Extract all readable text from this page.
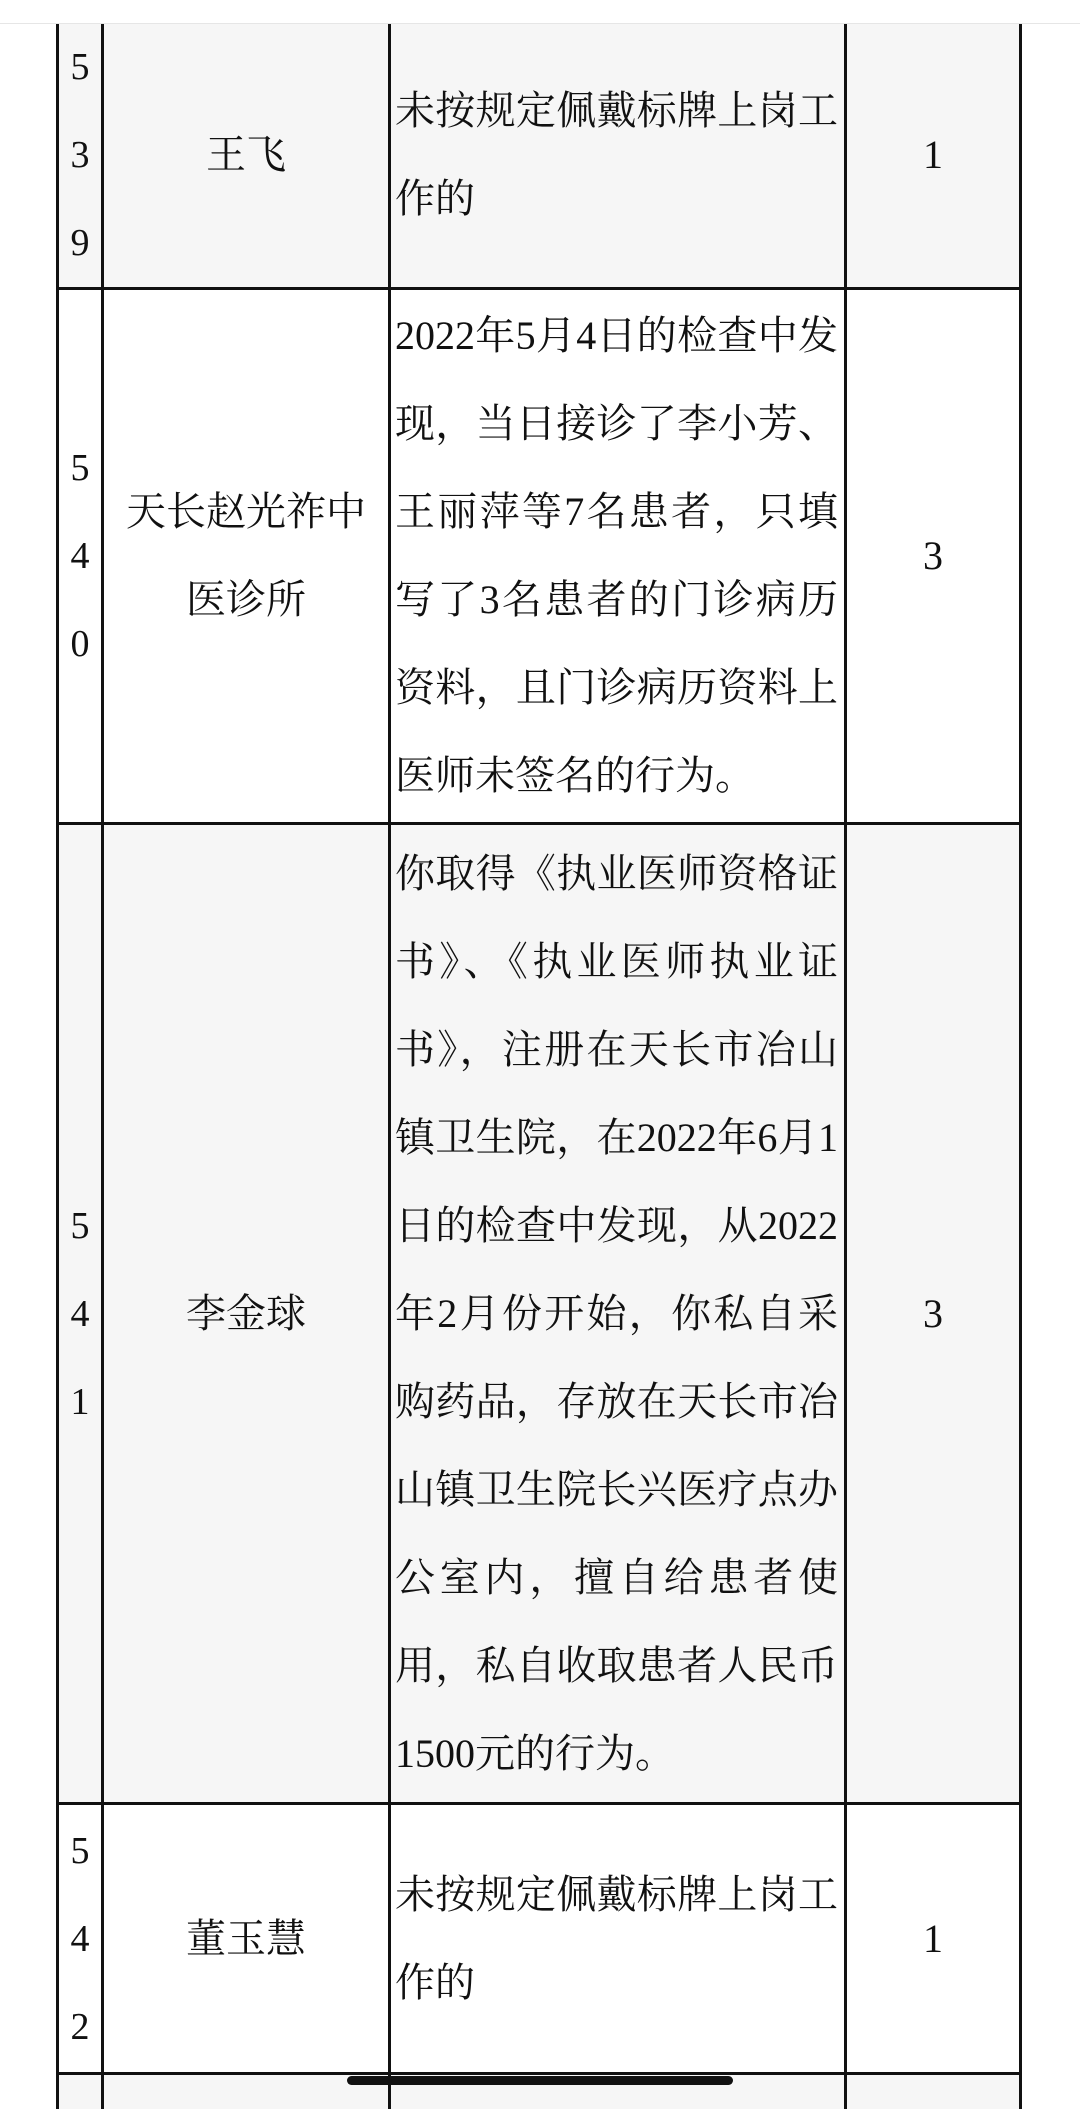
539
王飞
未按规定佩戴标牌上岗工作的
1
540
天长赵光祚中医诊所
2022年5月4日的检查中发现，当日接诊了李小芳、王丽萍等7名患者，只填写了3名患者的门诊病历资料，且门诊病历资料上医师未签名的行为。
3
541
李金球
你取得《执业医师资格证书》、《执业医师执业证书》，注册在天长市冶山镇卫生院，在2022年6月1日的检查中发现，从2022年2月份开始，你私自采购药品，存放在天长市冶山镇卫生院长兴医疗点办公室内，擅自给患者使用，私自收取患者人民币1500元的行为。
3
542
董玉慧
未按规定佩戴标牌上岗工作的
1
